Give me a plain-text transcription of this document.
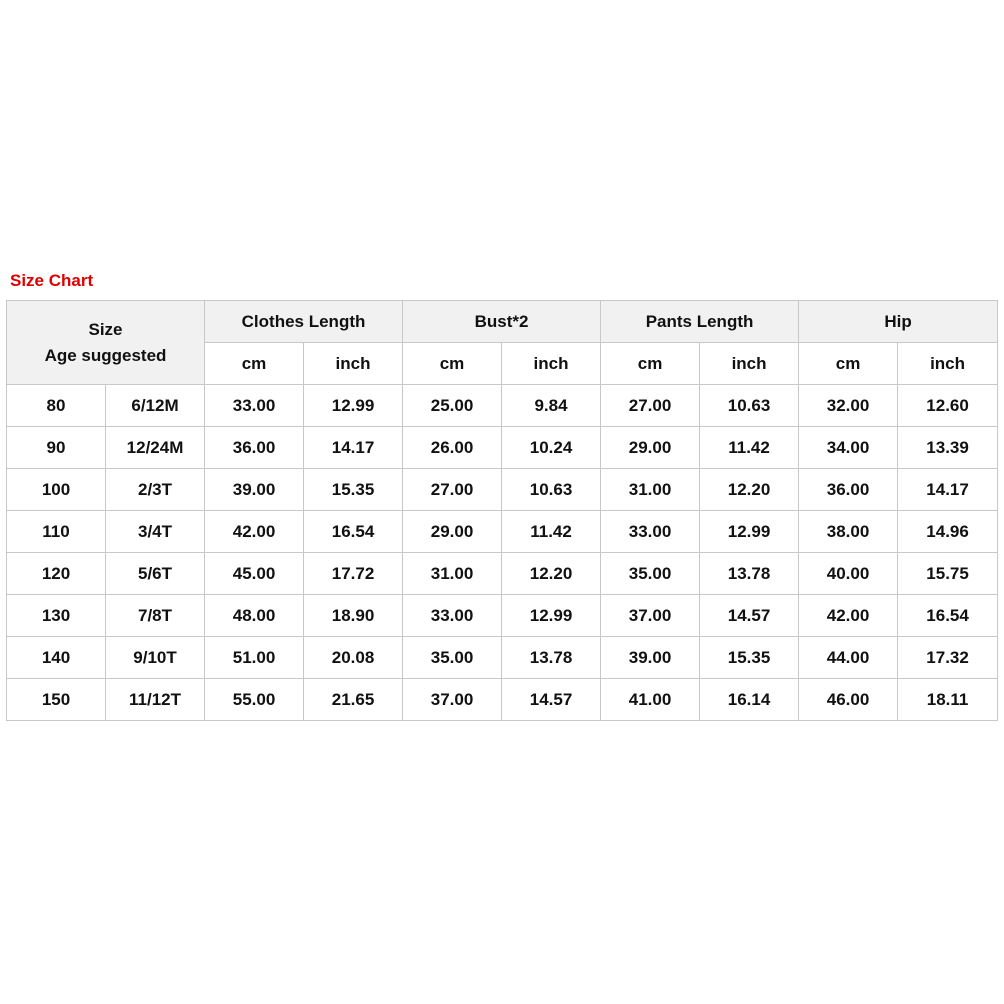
Size Chart
Size
Age suggested		Clothes Length		Bust*2		Pants Length		Hip	
		cm	inch	cm	inch	cm	inch	cm	inch
80	6/12M	33.00	12.99	25.00	9.84	27.00	10.63	32.00	12.60
90	12/24M	36.00	14.17	26.00	10.24	29.00	11.42	34.00	13.39
100	2/3T	39.00	15.35	27.00	10.63	31.00	12.20	36.00	14.17
110	3/4T	42.00	16.54	29.00	11.42	33.00	12.99	38.00	14.96
120	5/6T	45.00	17.72	31.00	12.20	35.00	13.78	40.00	15.75
130	7/8T	48.00	18.90	33.00	12.99	37.00	14.57	42.00	16.54
140	9/10T	51.00	20.08	35.00	13.78	39.00	15.35	44.00	17.32
150	11/12T	55.00	21.65	37.00	14.57	41.00	16.14	46.00	18.11
